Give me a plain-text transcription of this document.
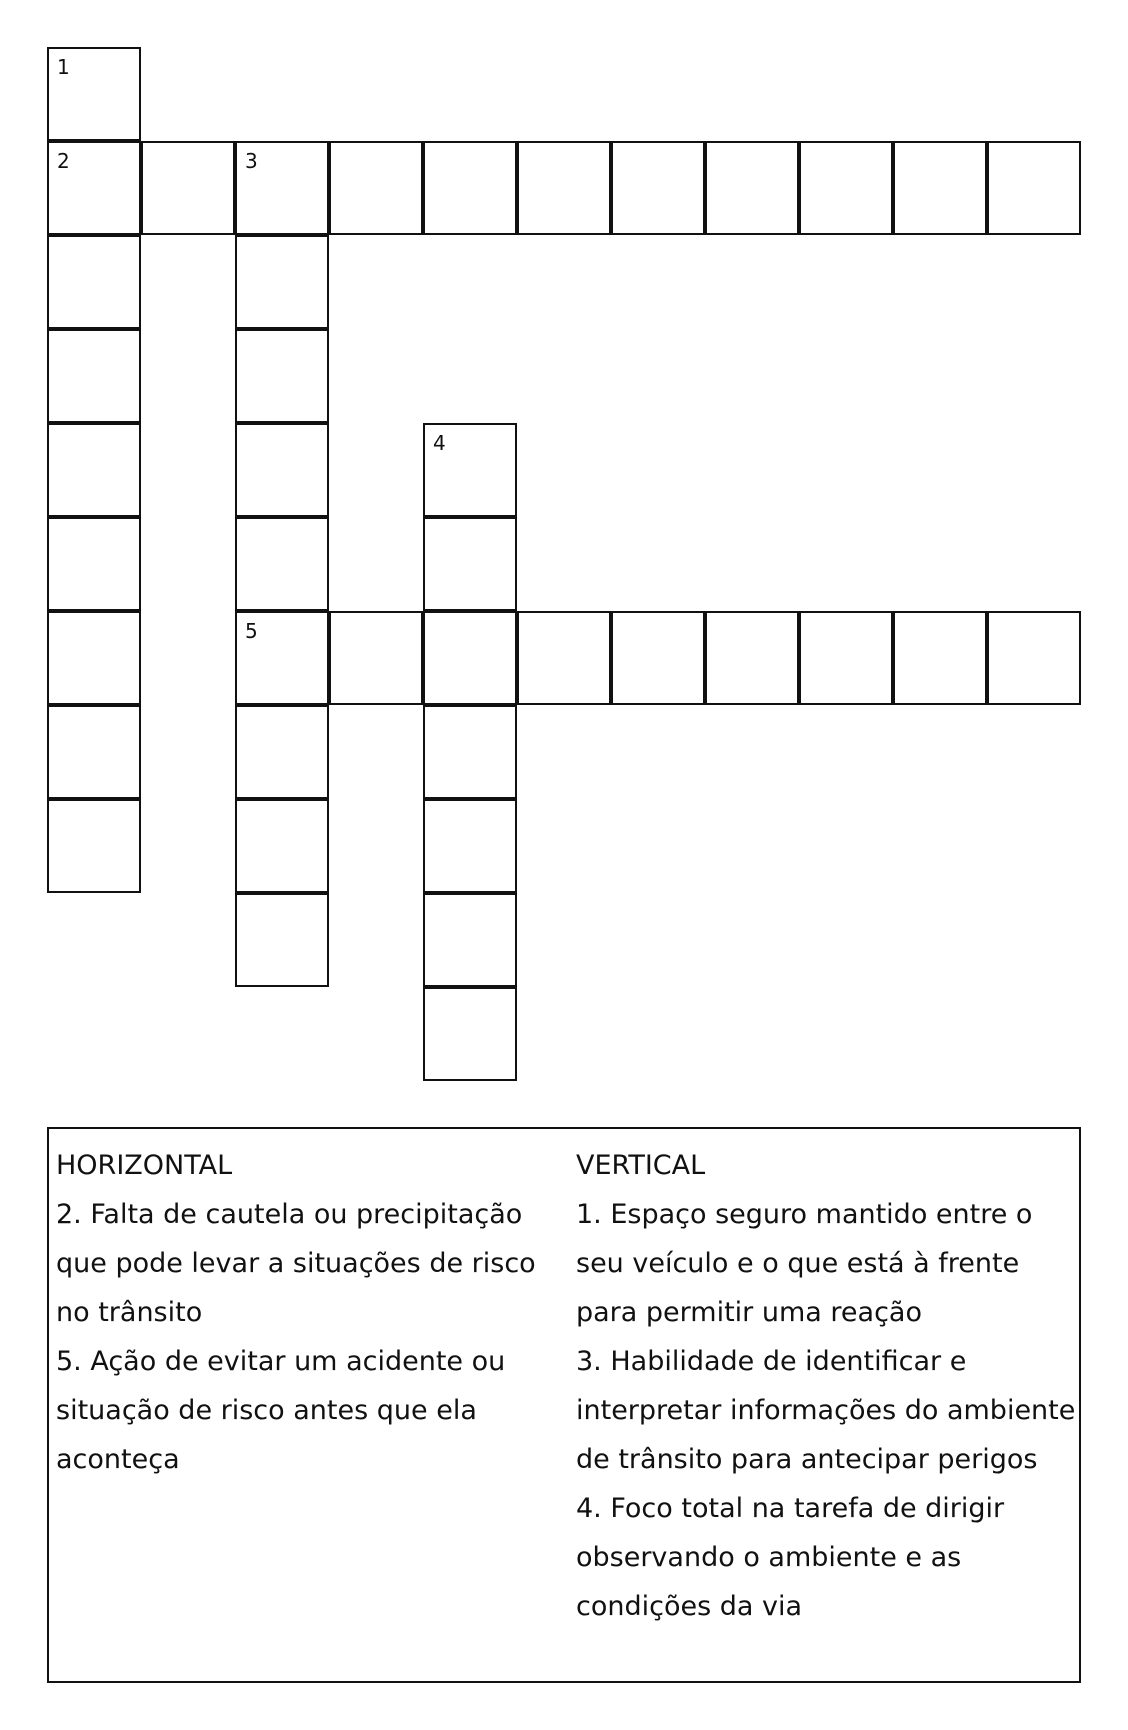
1
2	3
4
5
HORIZONTAL
2. Falta de cautela ou precipitação
que pode levar a situações de risco
no trânsito
5. Ação de evitar um acidente ou
situação de risco antes que ela
aconteça
VERTICAL
1. Espaço seguro mantido entre o
seu veículo e o que está à frente
para permitir uma reação
3. Habilidade de identificar e
interpretar informações do ambiente
de trânsito para antecipar perigos
4. Foco total na tarefa de dirigir
observando o ambiente e as
condições da via
